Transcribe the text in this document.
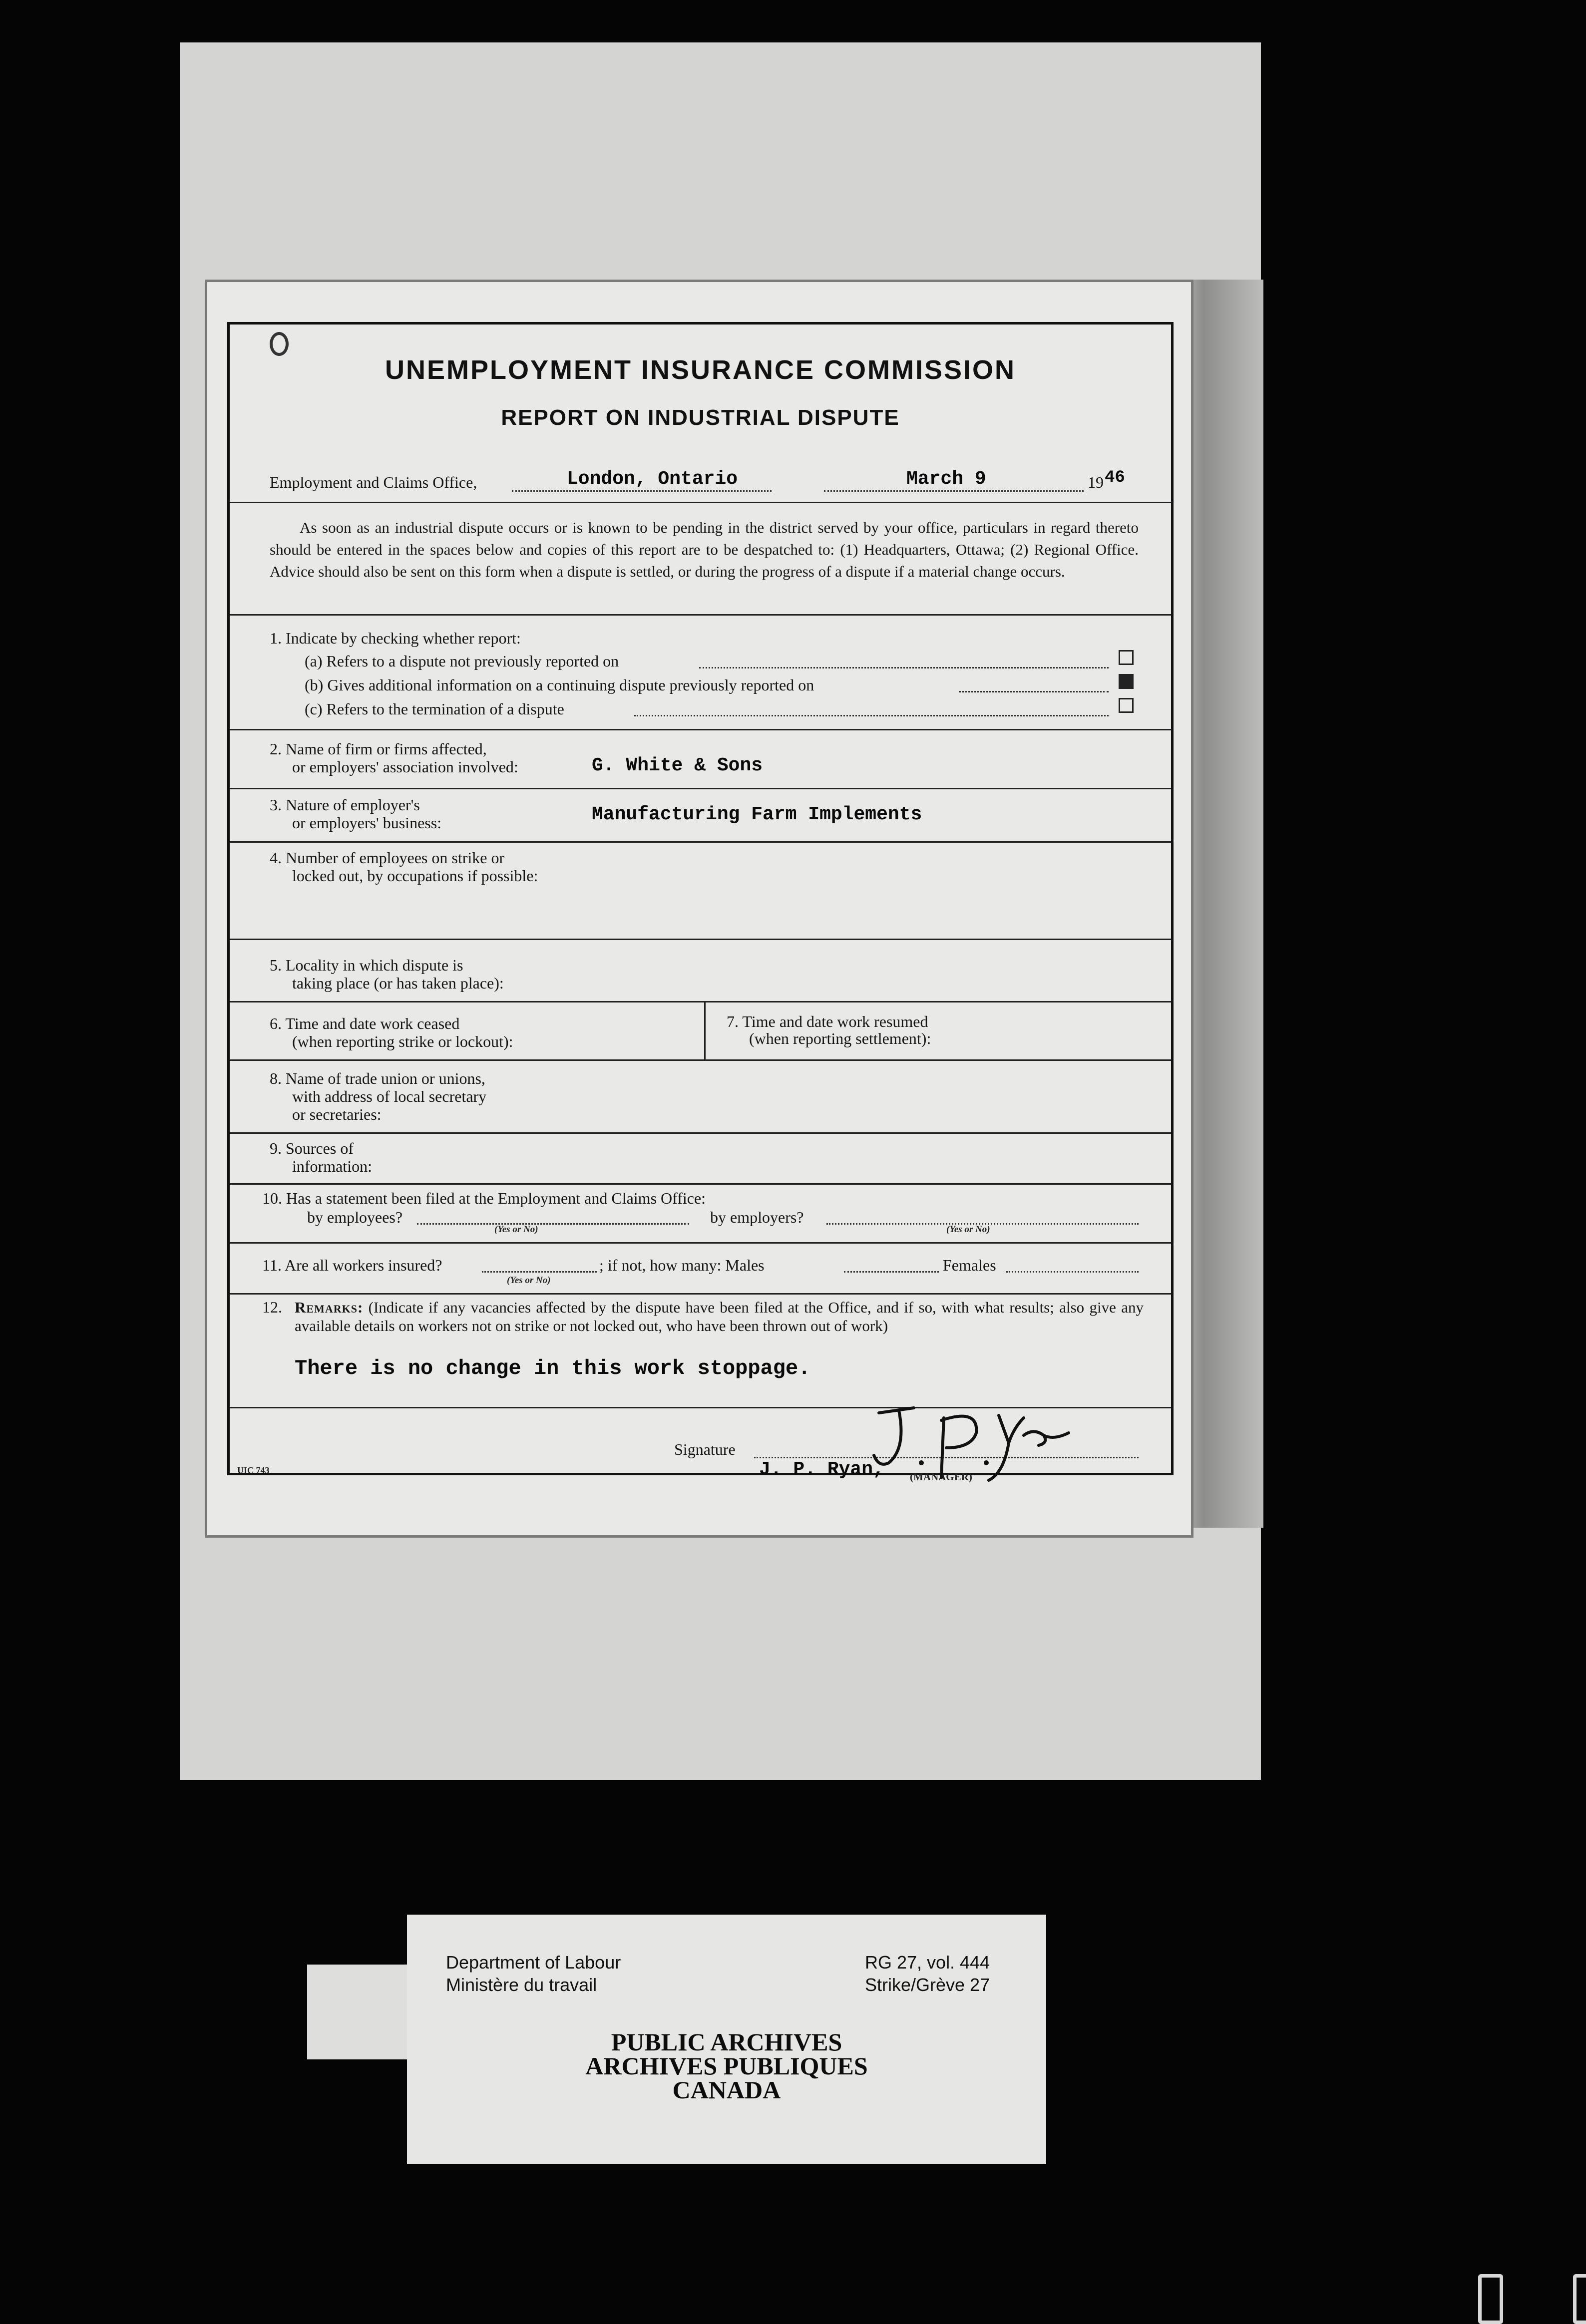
UNEMPLOYMENT INSURANCE COMMISSION
REPORT ON INDUSTRIAL DISPUTE
Employment and Claims Office,	London, Ontario	March 9	19 46
As soon as an industrial dispute occurs or is known to be pending in the district served by your office, particulars in regard thereto should be entered in the spaces below and copies of this report are to be despatched to: (1) Headquarters, Ottawa; (2) Regional Office. Advice should also be sent on this form when a dispute is settled, or during the progress of a dispute if a material change occurs.
1. Indicate by checking whether report:
(a) Refers to a dispute not previously reported on
(b) Gives additional information on a continuing dispute previously reported on
(c) Refers to the termination of a dispute
2. Name of firm or firms affected,
or employers' association involved:	G. White & Sons
3. Nature of employer's
or employers' business:	Manufacturing Farm Implements
4. Number of employees on strike or
locked out, by occupations if possible:
5. Locality in which dispute is
taking place (or has taken place):
6. Time and date work ceased
(when reporting strike or lockout):
7. Time and date work resumed
(when reporting settlement):
8. Name of trade union or unions,
with address of local secretary
or secretaries:
9. Sources of
information:
10. Has a statement been filed at the Employment and Claims Office:
by employees?
(Yes or No)
by employers?
(Yes or No)
11. Are all workers insured?
(Yes or No)
; if not, how many: Males	Females
12. Remarks: (Indicate if any vacancies affected by the dispute have been filed at the Office, and if so, with what results; also give any available details on workers not on strike or not locked out, who have been thrown out of work)
There is no change in this work stoppage.
Signature
J. P. Ryan, (MANAGER)
UIC 743
Department of Labour
Ministère du travail
RG 27, vol. 444
Strike/Grève 27
PUBLIC ARCHIVES
ARCHIVES PUBLIQUES
CANADA
